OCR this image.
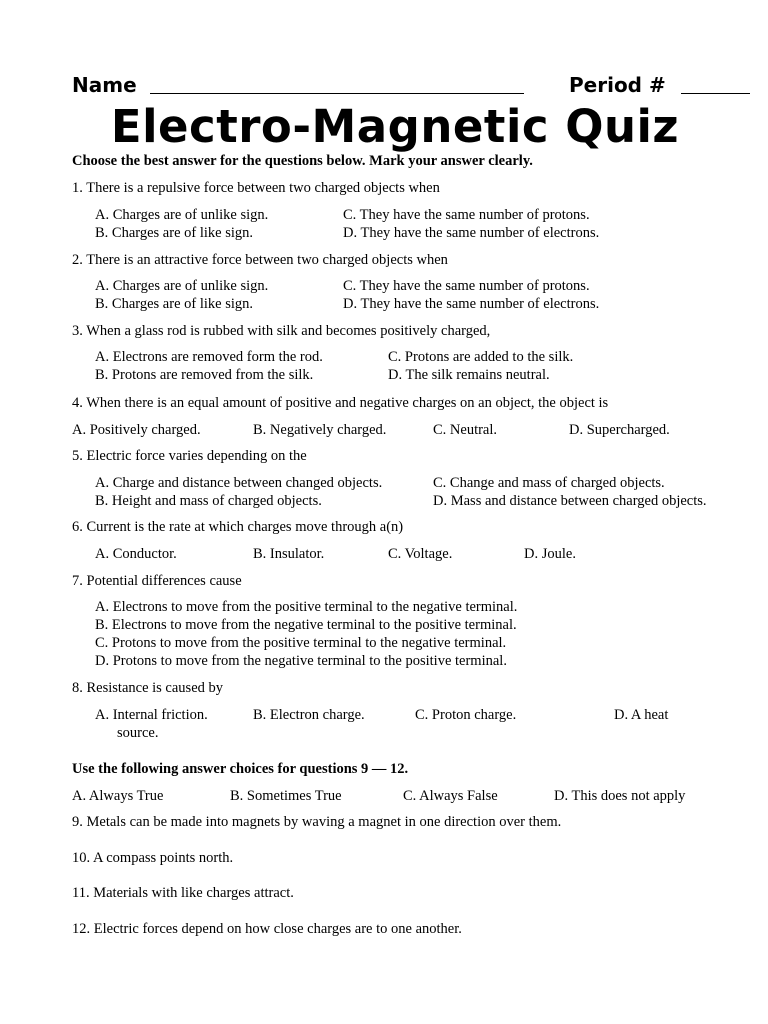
Name	Period #
Electro-Magnetic Quiz
Choose the best answer for the questions below. Mark your answer clearly.
1. There is a repulsive force between two charged objects when
A. Charges are of unlike sign.
B. Charges are of like sign.
C. They have the same number of protons.
D. They have the same number of electrons.
2. There is an attractive force between two charged objects when
A. Charges are of unlike sign.
B. Charges are of like sign.
C. They have the same number of protons.
D. They have the same number of electrons.
3. When a glass rod is rubbed with silk and becomes positively charged,
A. Electrons are removed form the rod.
B. Protons are removed from the silk.
C. Protons are added to the silk.
D. The silk remains neutral.
4. When there is an equal amount of positive and negative charges on an object, the object is
A. Positively charged.	B. Negatively charged.	C. Neutral.	D. Supercharged.
5. Electric force varies depending on the
A. Charge and distance between changed objects.
B. Height and mass of charged objects.
C. Change and mass of charged objects.
D. Mass and distance between charged objects.
6. Current is the rate at which charges move through a(n)
A. Conductor.	B. Insulator.	C. Voltage.	D. Joule.
7. Potential differences cause
A. Electrons to move from the positive terminal to the negative terminal.
B. Electrons to move from the negative terminal to the positive terminal.
C. Protons to move from the positive terminal to the negative terminal.
D. Protons to move from the negative terminal to the positive terminal.
8. Resistance is caused by
A. Internal friction.	B. Electron charge.	C. Proton charge.	D. A heat
source.
Use the following answer choices for questions 9 — 12.
A. Always True	B. Sometimes True	C. Always False	D. This does not apply
9. Metals can be made into magnets by waving a magnet in one direction over them.
10. A compass points north.
11. Materials with like charges attract.
12. Electric forces depend on how close charges are to one another.
